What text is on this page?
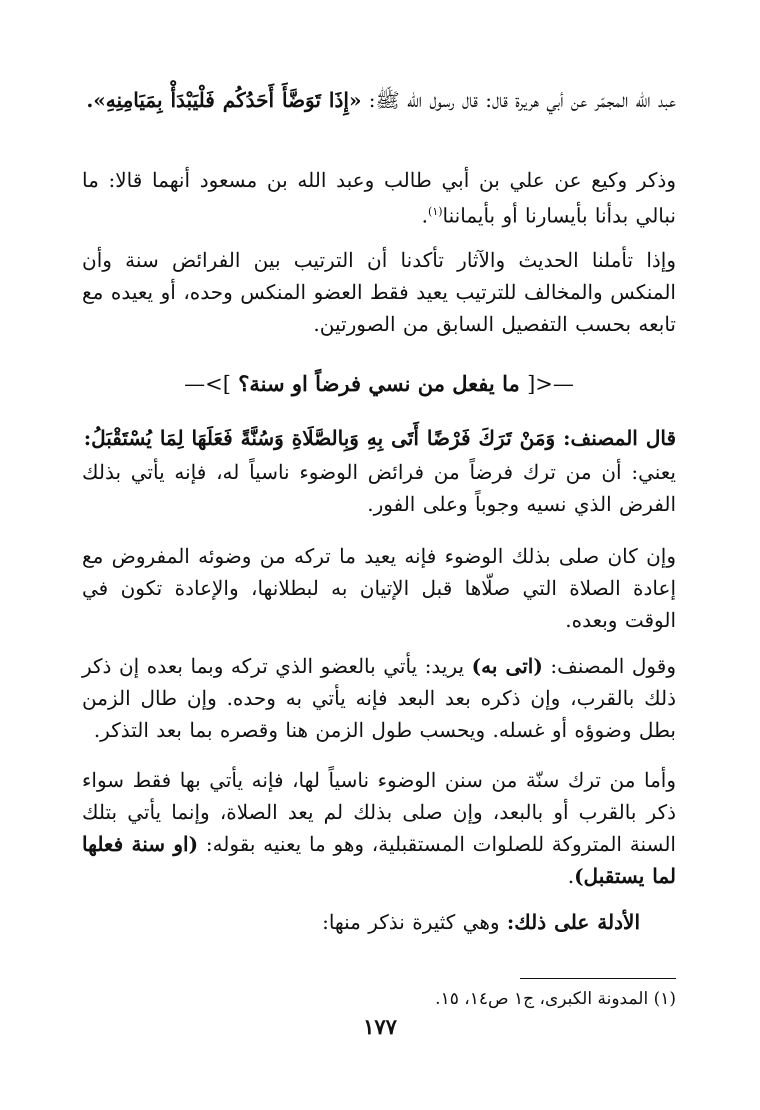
عبد الله المجمّر عن أبي هريرة قال: قال رسول الله ﷺ: «إِذَا تَوَضَّأَ أَحَدُكُم فَلْيَبْدَأْ بِمَيَامِنِهِ».

وذكر وكيع عن علي بن أبي طالب وعبد الله بن مسعود أنهما قالا: ما نبالي بدأنا بأيسارنا أو بأيماننا$^{(١)}$.

وإذا تأملنا الحديث والآثار تأكدنا أن الترتيب بين الفرائض سنة وأن المنكس والمخالف للترتيب يعيد فقط العضو المنكس وحده، أو يعيده مع تابعه بحسب التفصيل السابق من الصورتين.

—<[ ما يفعل من نسي فرضاً او سنة؟ ]>—

قال المصنف: وَمَنْ تَرَكَ فَرْضًا أَتَى بِهِ وَبِالصَّلَاةِ وَسُنَّةً فَعَلَهَا لِمَا يُسْتَقْبَلُ:

يعني: أن من ترك فرضاً من فرائض الوضوء ناسياً له، فإنه يأتي بذلك الفرض الذي نسيه وجوباً وعلى الفور.

وإن كان صلى بذلك الوضوء فإنه يعيد ما تركه من وضوئه المفروض مع إعادة الصلاة التي صلّاها قبل الإتيان به لبطلانها، والإعادة تكون في الوقت وبعده.

وقول المصنف: (اتى به) يريد: يأتي بالعضو الذي تركه وبما بعده إن ذكر ذلك بالقرب، وإن ذكره بعد البعد فإنه يأتي به وحده. وإن طال الزمن بطل وضوؤه أو غسله. ويحسب طول الزمن هنا وقصره بما بعد التذكر.

وأما من ترك سنّة من سنن الوضوء ناسياً لها، فإنه يأتي بها فقط سواء ذكر بالقرب أو بالبعد، وإن صلى بذلك لم يعد الصلاة، وإنما يأتي بتلك السنة المتروكة للصلوات المستقبلية، وهو ما يعنيه بقوله: (او سنة فعلها لما يستقبل).

الأدلة على ذلك: وهي كثيرة نذكر منها:

(١) المدونة الكبرى، ج١ ص١٤، ١٥.
١٧٧
